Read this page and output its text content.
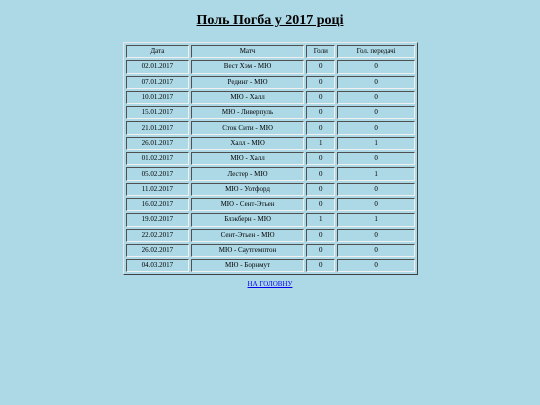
Поль Погба у 2017 році
Дата	Матч	Голи	Гол. передачі
02.01.2017	Вест Хэм - МЮ	0	0
07.01.2017	Рединг - МЮ	0	0
10.01.2017	МЮ - Халл	0	0
15.01.2017	МЮ - Ливерпуль	0	0
21.01.2017	Сток Сити - МЮ	0	0
26.01.2017	Халл - МЮ	1	1
01.02.2017	МЮ - Халл	0	0
05.02.2017	Лестер - МЮ	0	1
11.02.2017	МЮ - Уотфорд	0	0
16.02.2017	МЮ - Сент-Этьен	0	0
19.02.2017	Блэкберн - МЮ	1	1
22.02.2017	Сент-Этьен - МЮ	0	0
26.02.2017	МЮ - Саутгемптон	0	0
04.03.2017	МЮ - Борнмут	0	0
НА ГОЛОВНУ
